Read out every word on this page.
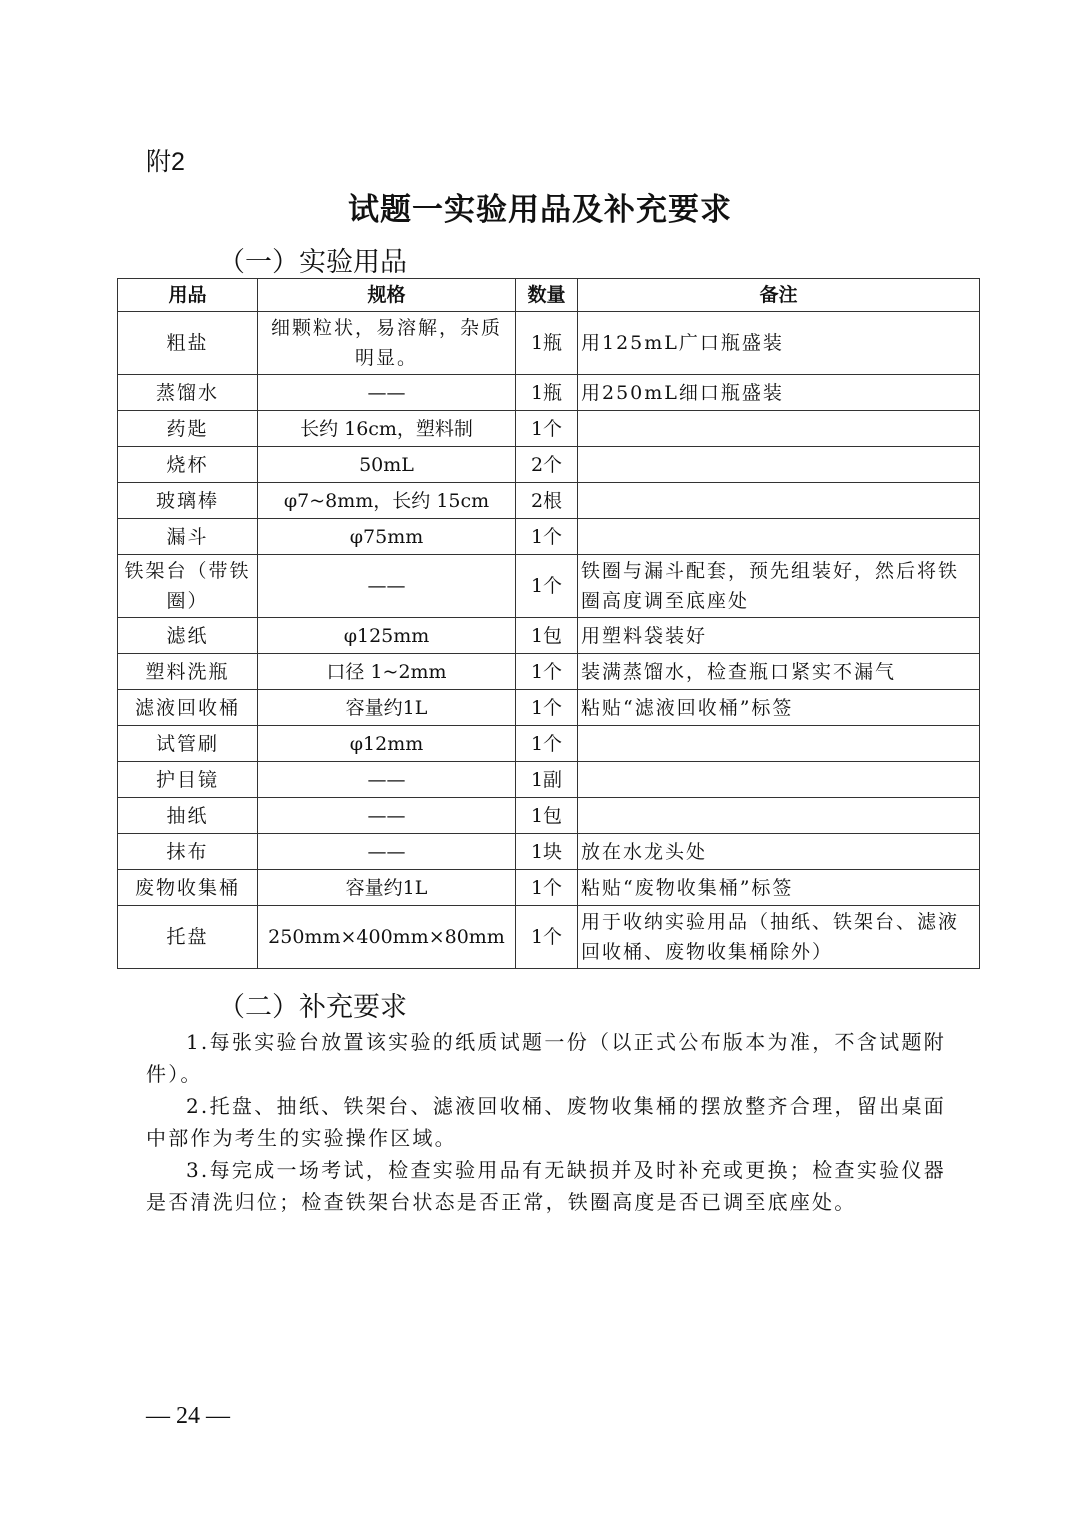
附2
试题一实验用品及补充要求
（一）实验用品
用品	规格	数量	备注
粗盐	细颗粒状，易溶解，杂质明显。	1瓶	用125mL广口瓶盛装
蒸馏水	——	1瓶	用250mL细口瓶盛装
药匙	长约 16cm，塑料制	1个	
烧杯	50mL	2个	
玻璃棒	φ7~8mm，长约 15cm	2根	
漏斗	φ75mm	1个	
铁架台（带铁圈）	——	1个	铁圈与漏斗配套，预先组装好，然后将铁圈高度调至底座处
滤纸	φ125mm	1包	用塑料袋装好
塑料洗瓶	口径 1~2mm	1个	装满蒸馏水，检查瓶口紧实不漏气
滤液回收桶	容量约1L	1个	粘贴“滤液回收桶”标签
试管刷	φ12mm	1个	
护目镜	——	1副	
抽纸	——	1包	
抹布	——	1块	放在水龙头处
废物收集桶	容量约1L	1个	粘贴“废物收集桶”标签
托盘	250mm×400mm×80mm	1个	用于收纳实验用品（抽纸、铁架台、滤液回收桶、废物收集桶除外）
（二）补充要求
1.每张实验台放置该实验的纸质试题一份（以正式公布版本为准，不含试题附件）。
2.托盘、抽纸、铁架台、滤液回收桶、废物收集桶的摆放整齐合理，留出桌面中部作为考生的实验操作区域。
3.每完成一场考试，检查实验用品有无缺损并及时补充或更换；检查实验仪器是否清洗归位；检查铁架台状态是否正常，铁圈高度是否已调至底座处。
— 24 —
